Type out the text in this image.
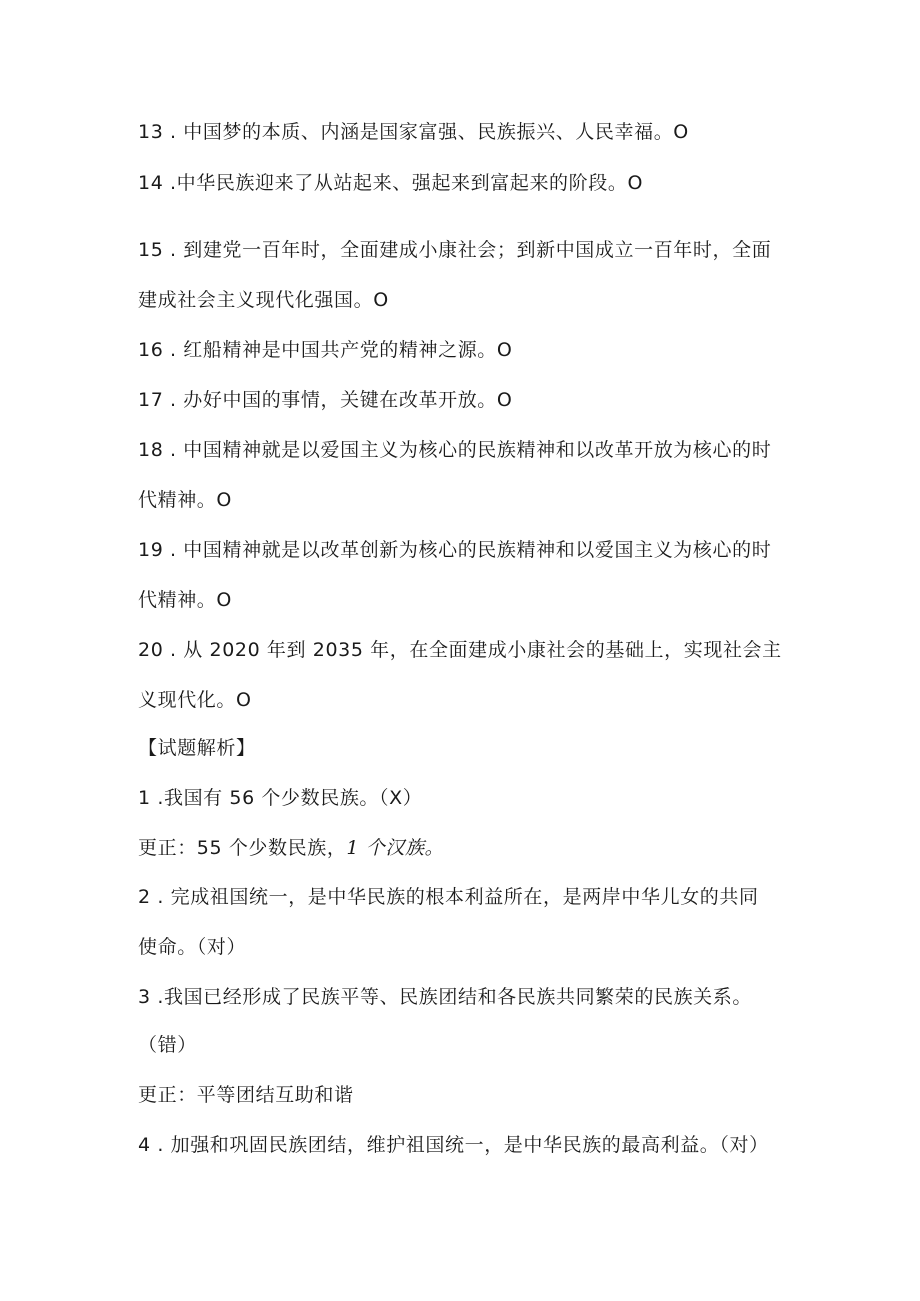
13 . 中国梦的本质、内涵是国家富强、民族振兴、人民幸福。O
14 .中华民族迎来了从站起来、强起来到富起来的阶段。O
15 . 到建党一百年时，全面建成小康社会；到新中国成立一百年时，全面
建成社会主义现代化强国。O
16 . 红船精神是中国共产党的精神之源。O
17 . 办好中国的事情，关键在改革开放。O
18 . 中国精神就是以爱国主义为核心的民族精神和以改革开放为核心的时
代精神。O
19 . 中国精神就是以改革创新为核心的民族精神和以爱国主义为核心的时
代精神。O
20 . 从 2020 年到 2035 年，在全面建成小康社会的基础上，实现社会主
义现代化。O
【试题解析】
1 .我国有 56 个少数民族。（X）
更正：55 个少数民族，1 个汉族。
2 . 完成祖国统一，是中华民族的根本利益所在，是两岸中华儿女的共同
使命。（对）
3 .我国已经形成了民族平等、民族团结和各民族共同繁荣的民族关系。
（错）
更正：平等团结互助和谐
4 . 加强和巩固民族团结，维护祖国统一，是中华民族的最高利益。（对）
